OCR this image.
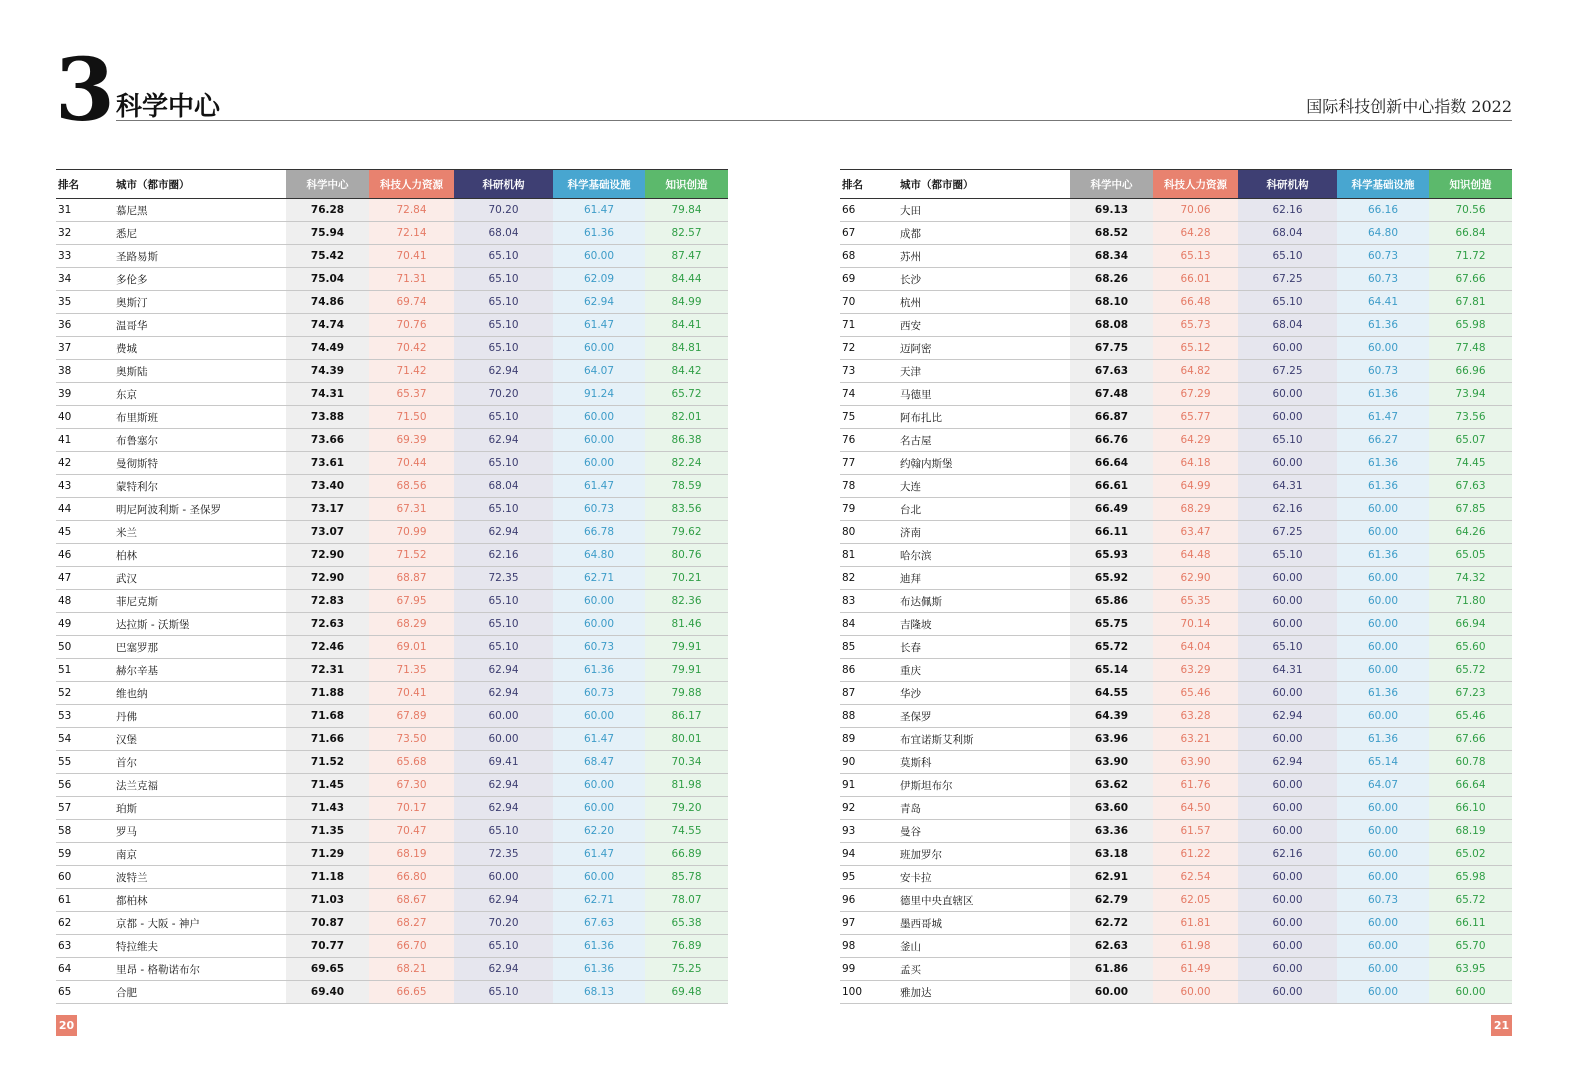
3 科学中心	国际科技创新中心指数 2022
排名	城市（都市圈）	科学中心	科技人力资源	科研机构	科学基础设施	知识创造
31	慕尼黑	76.28	72.84	70.20	61.47	79.84
32	悉尼	75.94	72.14	68.04	61.36	82.57
33	圣路易斯	75.42	70.41	65.10	60.00	87.47
34	多伦多	75.04	71.31	65.10	62.09	84.44
35	奥斯汀	74.86	69.74	65.10	62.94	84.99
36	温哥华	74.74	70.76	65.10	61.47	84.41
37	费城	74.49	70.42	65.10	60.00	84.81
38	奥斯陆	74.39	71.42	62.94	64.07	84.42
39	东京	74.31	65.37	70.20	91.24	65.72
40	布里斯班	73.88	71.50	65.10	60.00	82.01
41	布鲁塞尔	73.66	69.39	62.94	60.00	86.38
42	曼彻斯特	73.61	70.44	65.10	60.00	82.24
43	蒙特利尔	73.40	68.56	68.04	61.47	78.59
44	明尼阿波利斯 - 圣保罗	73.17	67.31	65.10	60.73	83.56
45	米兰	73.07	70.99	62.94	66.78	79.62
46	柏林	72.90	71.52	62.16	64.80	80.76
47	武汉	72.90	68.87	72.35	62.71	70.21
48	菲尼克斯	72.83	67.95	65.10	60.00	82.36
49	达拉斯 - 沃斯堡	72.63	68.29	65.10	60.00	81.46
50	巴塞罗那	72.46	69.01	65.10	60.73	79.91
51	赫尔辛基	72.31	71.35	62.94	61.36	79.91
52	维也纳	71.88	70.41	62.94	60.73	79.88
53	丹佛	71.68	67.89	60.00	60.00	86.17
54	汉堡	71.66	73.50	60.00	61.47	80.01
55	首尔	71.52	65.68	69.41	68.47	70.34
56	法兰克福	71.45	67.30	62.94	60.00	81.98
57	珀斯	71.43	70.17	62.94	60.00	79.20
58	罗马	71.35	70.47	65.10	62.20	74.55
59	南京	71.29	68.19	72.35	61.47	66.89
60	波特兰	71.18	66.80	60.00	60.00	85.78
61	都柏林	71.03	68.67	62.94	62.71	78.07
62	京都 - 大阪 - 神户	70.87	68.27	70.20	67.63	65.38
63	特拉维夫	70.77	66.70	65.10	61.36	76.89
64	里昂 - 格勒诺布尔	69.65	68.21	62.94	61.36	75.25
65	合肥	69.40	66.65	65.10	68.13	69.48
排名	城市（都市圈）	科学中心	科技人力资源	科研机构	科学基础设施	知识创造
66	大田	69.13	70.06	62.16	66.16	70.56
67	成都	68.52	64.28	68.04	64.80	66.84
68	苏州	68.34	65.13	65.10	60.73	71.72
69	长沙	68.26	66.01	67.25	60.73	67.66
70	杭州	68.10	66.48	65.10	64.41	67.81
71	西安	68.08	65.73	68.04	61.36	65.98
72	迈阿密	67.75	65.12	60.00	60.00	77.48
73	天津	67.63	64.82	67.25	60.73	66.96
74	马德里	67.48	67.29	60.00	61.36	73.94
75	阿布扎比	66.87	65.77	60.00	61.47	73.56
76	名古屋	66.76	64.29	65.10	66.27	65.07
77	约翰内斯堡	66.64	64.18	60.00	61.36	74.45
78	大连	66.61	64.99	64.31	61.36	67.63
79	台北	66.49	68.29	62.16	60.00	67.85
80	济南	66.11	63.47	67.25	60.00	64.26
81	哈尔滨	65.93	64.48	65.10	61.36	65.05
82	迪拜	65.92	62.90	60.00	60.00	74.32
83	布达佩斯	65.86	65.35	60.00	60.00	71.80
84	吉隆坡	65.75	70.14	60.00	60.00	66.94
85	长春	65.72	64.04	65.10	60.00	65.60
86	重庆	65.14	63.29	64.31	60.00	65.72
87	华沙	64.55	65.46	60.00	61.36	67.23
88	圣保罗	64.39	63.28	62.94	60.00	65.46
89	布宜诺斯艾利斯	63.96	63.21	60.00	61.36	67.66
90	莫斯科	63.90	63.90	62.94	65.14	60.78
91	伊斯坦布尔	63.62	61.76	60.00	64.07	66.64
92	青岛	63.60	64.50	60.00	60.00	66.10
93	曼谷	63.36	61.57	60.00	60.00	68.19
94	班加罗尔	63.18	61.22	62.16	60.00	65.02
95	安卡拉	62.91	62.54	60.00	60.00	65.98
96	德里中央直辖区	62.79	62.05	60.00	60.73	65.72
97	墨西哥城	62.72	61.81	60.00	60.00	66.11
98	釜山	62.63	61.98	60.00	60.00	65.70
99	孟买	61.86	61.49	60.00	60.00	63.95
100	雅加达	60.00	60.00	60.00	60.00	60.00
20	21
